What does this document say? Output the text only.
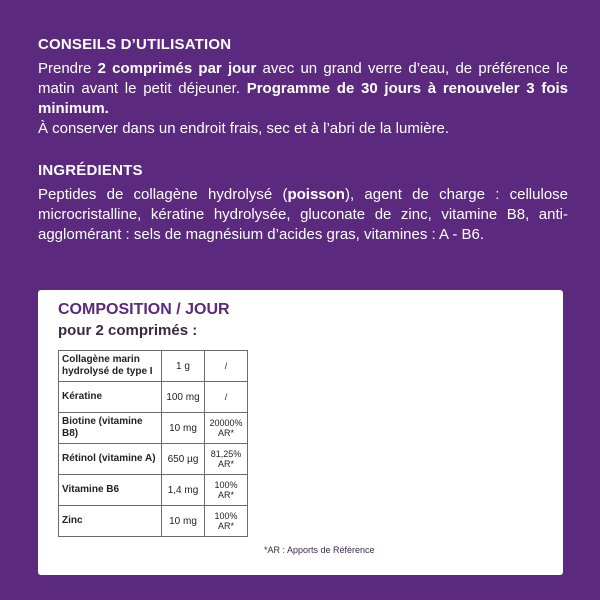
CONSEILS D’UTILISATION

Prendre 2 comprimés par jour avec un grand verre d’eau, de préférence le matin avant le petit déjeuner. Programme de 30 jours à renouveler 3 fois minimum.

À conserver dans un endroit frais, sec et à l’abri de la lumière.

INGRÉDIENTS

Peptides de collagène hydrolysé (poisson), agent de charge : cellulose microcristalline, kératine hydrolysée, gluconate de zinc, vitamine B8, anti-agglomérant : sels de magnésium d’acides gras, vitamines : A - B6.

COMPOSITION / JOUR
pour 2 comprimés :
Collagène marin hydrolysé de type I	1 g	/
Kératine	100 mg	/
Biotine (vitamine B8)	10 mg	20000% AR*
Rétinol (vitamine A)	650 µg	81,25% AR*
Vitamine B6	1,4 mg	100% AR*
Zinc	10 mg	100% AR*
*AR : Apports de Référence
